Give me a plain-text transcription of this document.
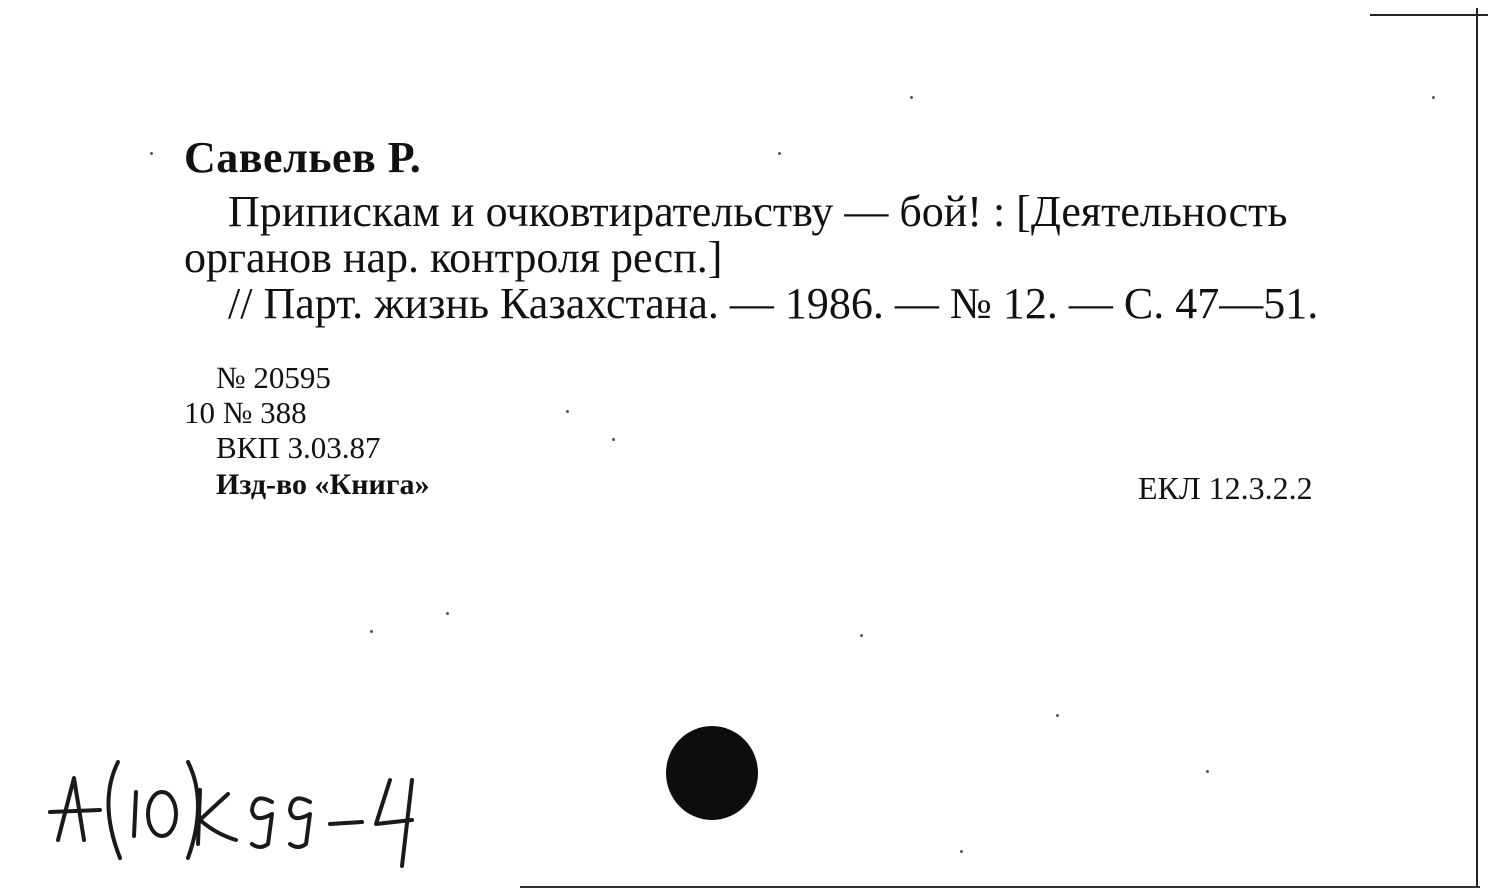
Савельев Р.
Припискам и очковтирательству — бой! : [Деятельность
органов нар. контроля респ.]
// Парт. жизнь Казахстана. — 1986. — № 12. — С. 47—51.
№ 20595
10 № 388
ВКП 3.03.87
Изд-во «Книга»	ЕКЛ 12.3.2.2
